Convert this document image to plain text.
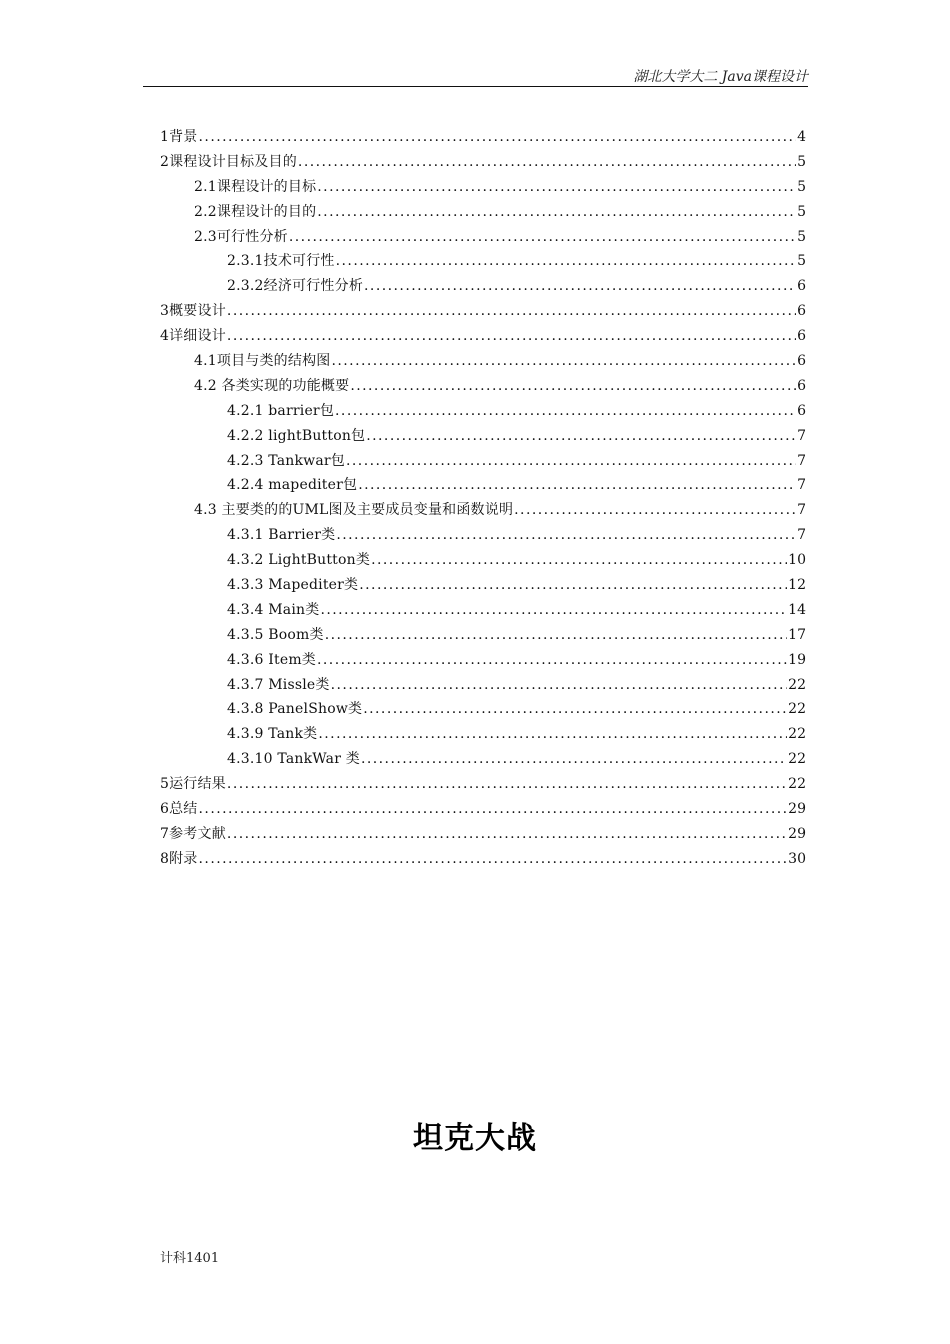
湖北大学大二 Java课程设计
1背景 . . .	4
2课程设计目标及目的 . . .	5
2.1课程设计的目标 . . .	5
2.2课程设计的目的 . . .	5
2.3可行性分析 . . .	5
2.3.1技术可行性 . . .	5
2.3.2经济可行性分析 . . .	6
3概要设计 . . .	6
4详细设计 . . .	6
4.1项目与类的结构图 . . .	6
4.2 各类实现的功能概要 . . .	6
4.2.1 barrier包 . . .	6
4.2.2 lightButton包 . . .	7
4.2.3 Tankwar包 . . .	7
4.2.4 mapediter包 . . .	7
4.3 主要类的的UML图及主要成员变量和函数说明 . . .	7
4.3.1 Barrier类 . . .	7
4.3.2 LightButton类 . . .	10
4.3.3 Mapediter类 . . .	12
4.3.4 Main类 . . .	14
4.3.5 Boom类 . . .	17
4.3.6 Item类 . . .	19
4.3.7 Missle类 . . .	22
4.3.8 PanelShow类 . . .	22
4.3.9 Tank类 . . .	22
4.3.10 TankWar 类 . . .	22
5运行结果 . . .	22
6总结 . . .	29
7参考文献 . . .	29
8附录 . . .	30
坦克大战
计科1401
